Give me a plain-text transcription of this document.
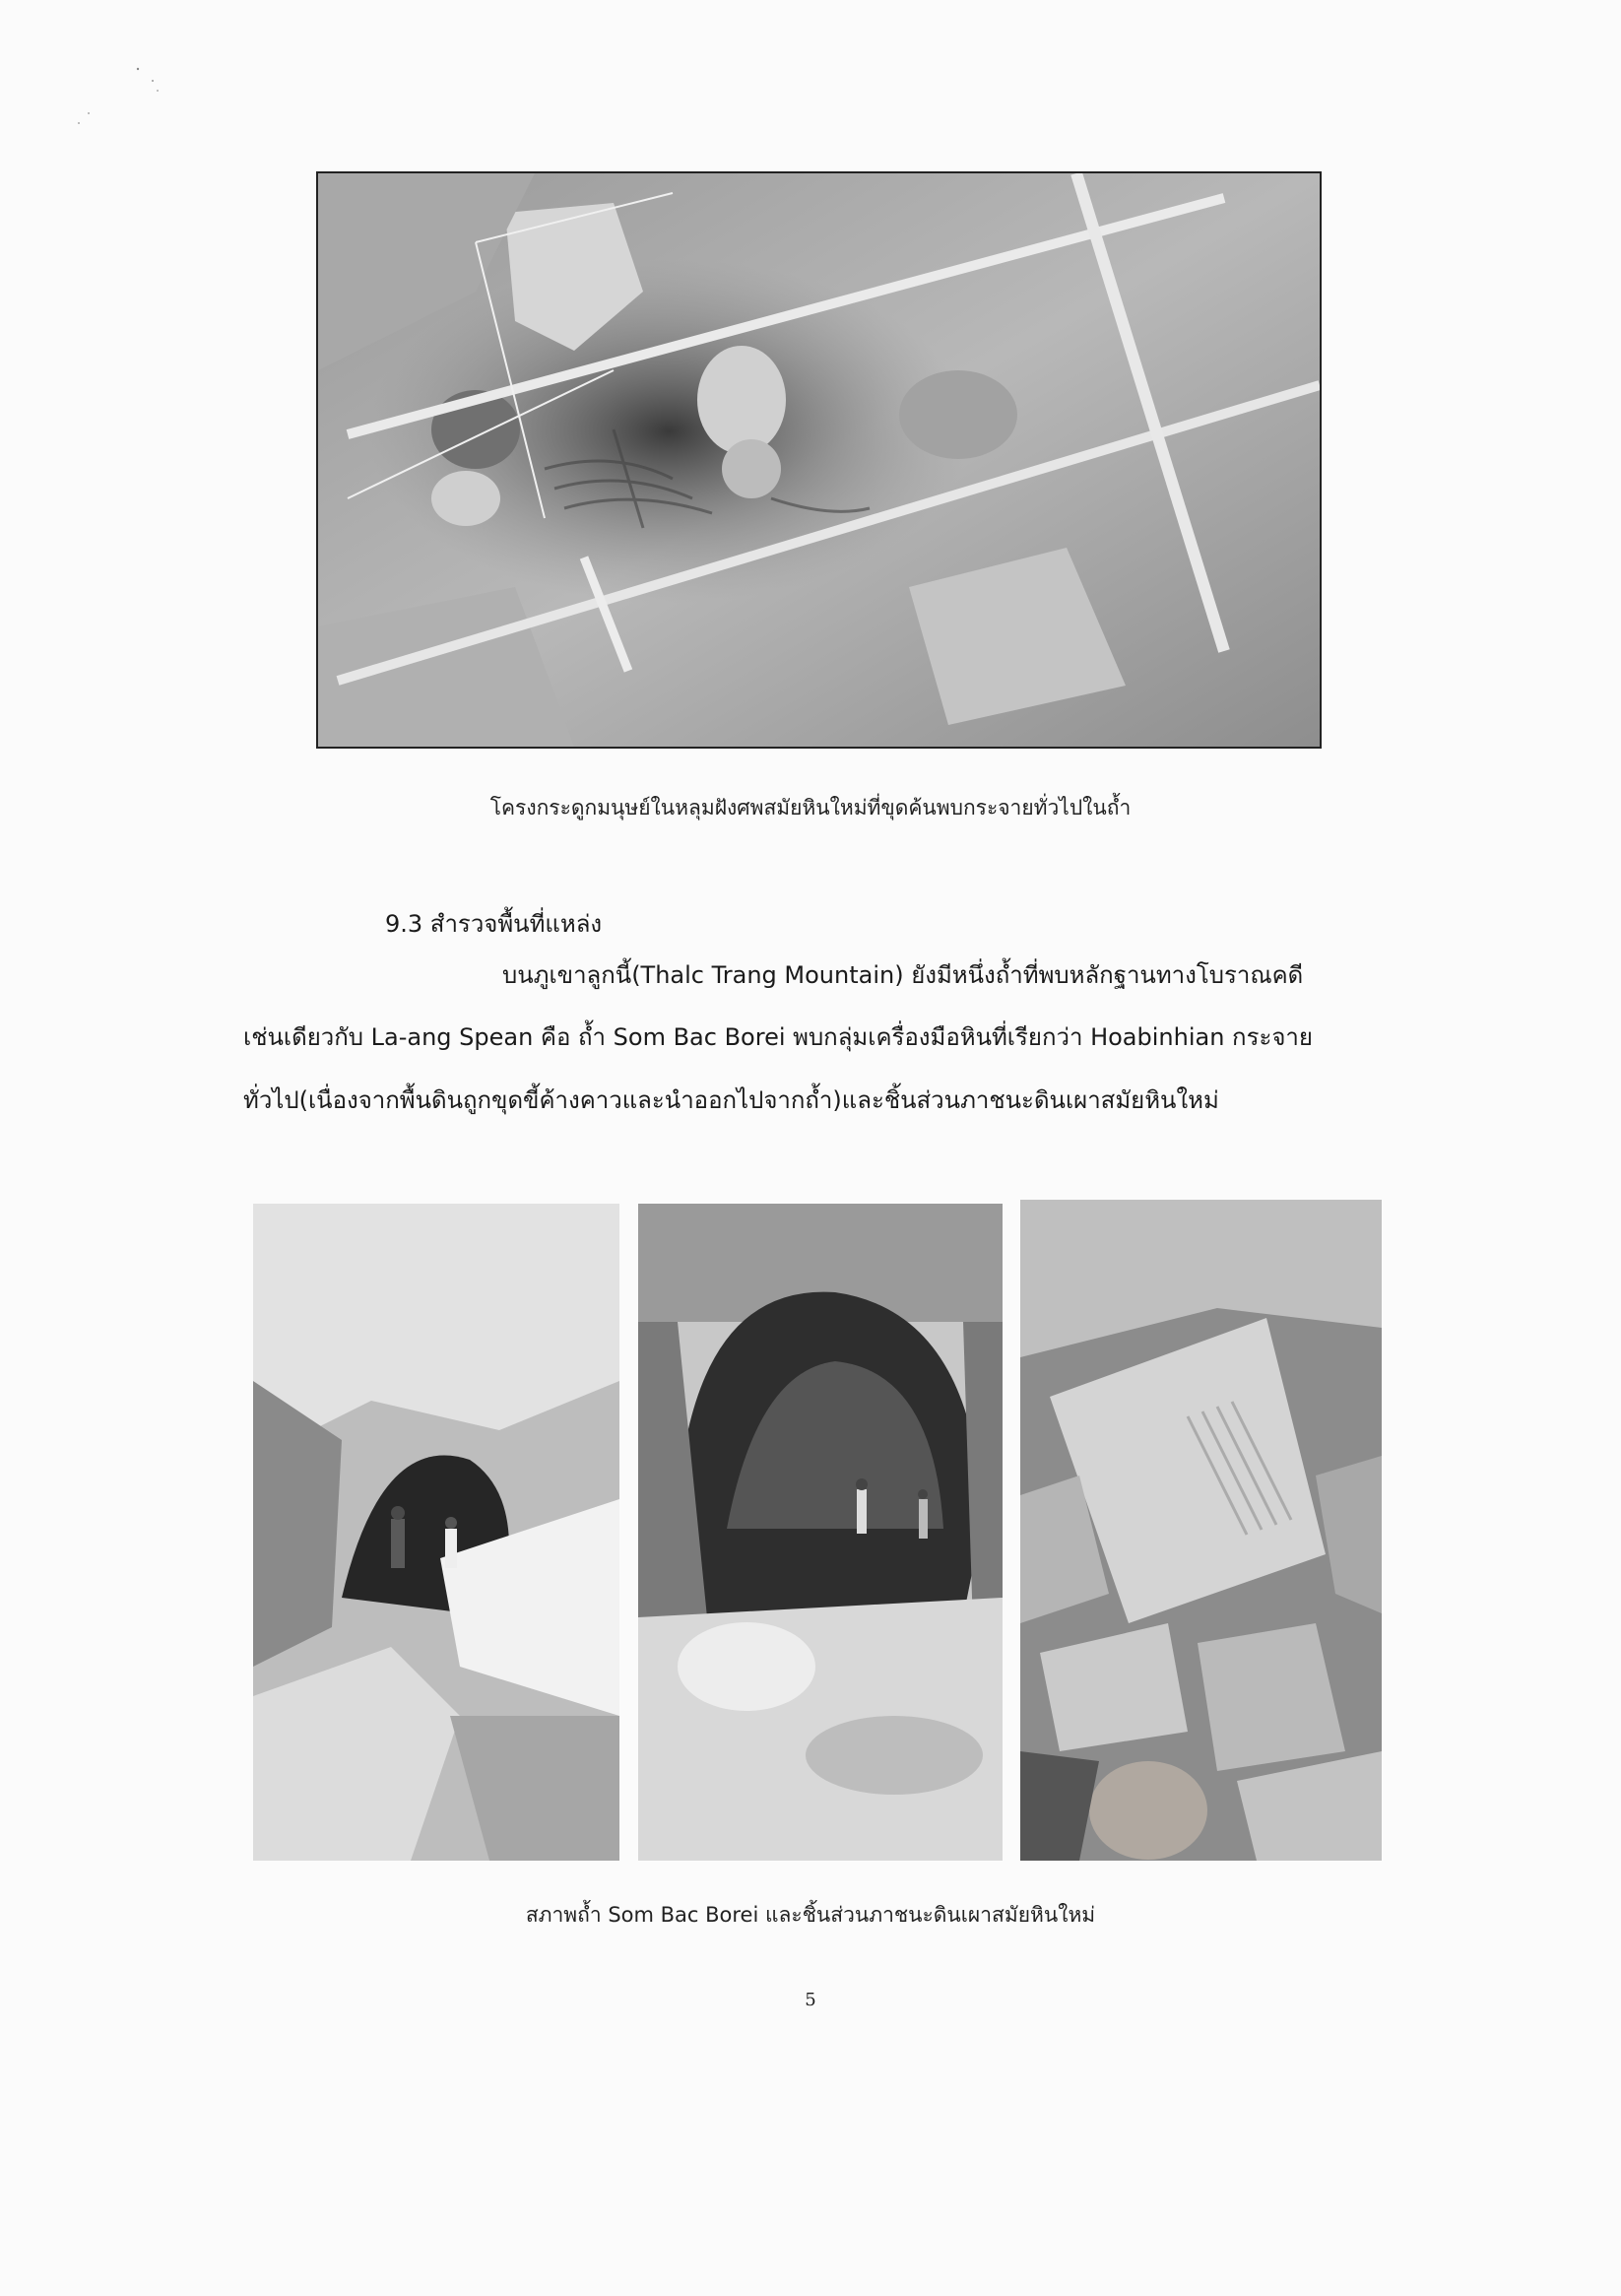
โครงกระดูกมนุษย์ในหลุมฝังศพสมัยหินใหม่ที่ขุดค้นพบกระจายทั่วไปในถ้ำ
9.3 สำรวจพื้นที่แหล่ง
บนภูเขาลูกนี้(Thalc Trang Mountain) ยังมีหนึ่งถ้ำที่พบหลักฐานทางโบราณคดี
เช่นเดียวกับ La-ang Spean คือ ถ้ำ Som Bac Borei พบกลุ่มเครื่องมือหินที่เรียกว่า Hoabinhian กระจาย
ทั่วไป(เนื่องจากพื้นดินถูกขุดขี้ค้างคาวและนำออกไปจากถ้ำ)และชิ้นส่วนภาชนะดินเผาสมัยหินใหม่
สภาพถ้ำ Som Bac Borei และชิ้นส่วนภาชนะดินเผาสมัยหินใหม่
5
